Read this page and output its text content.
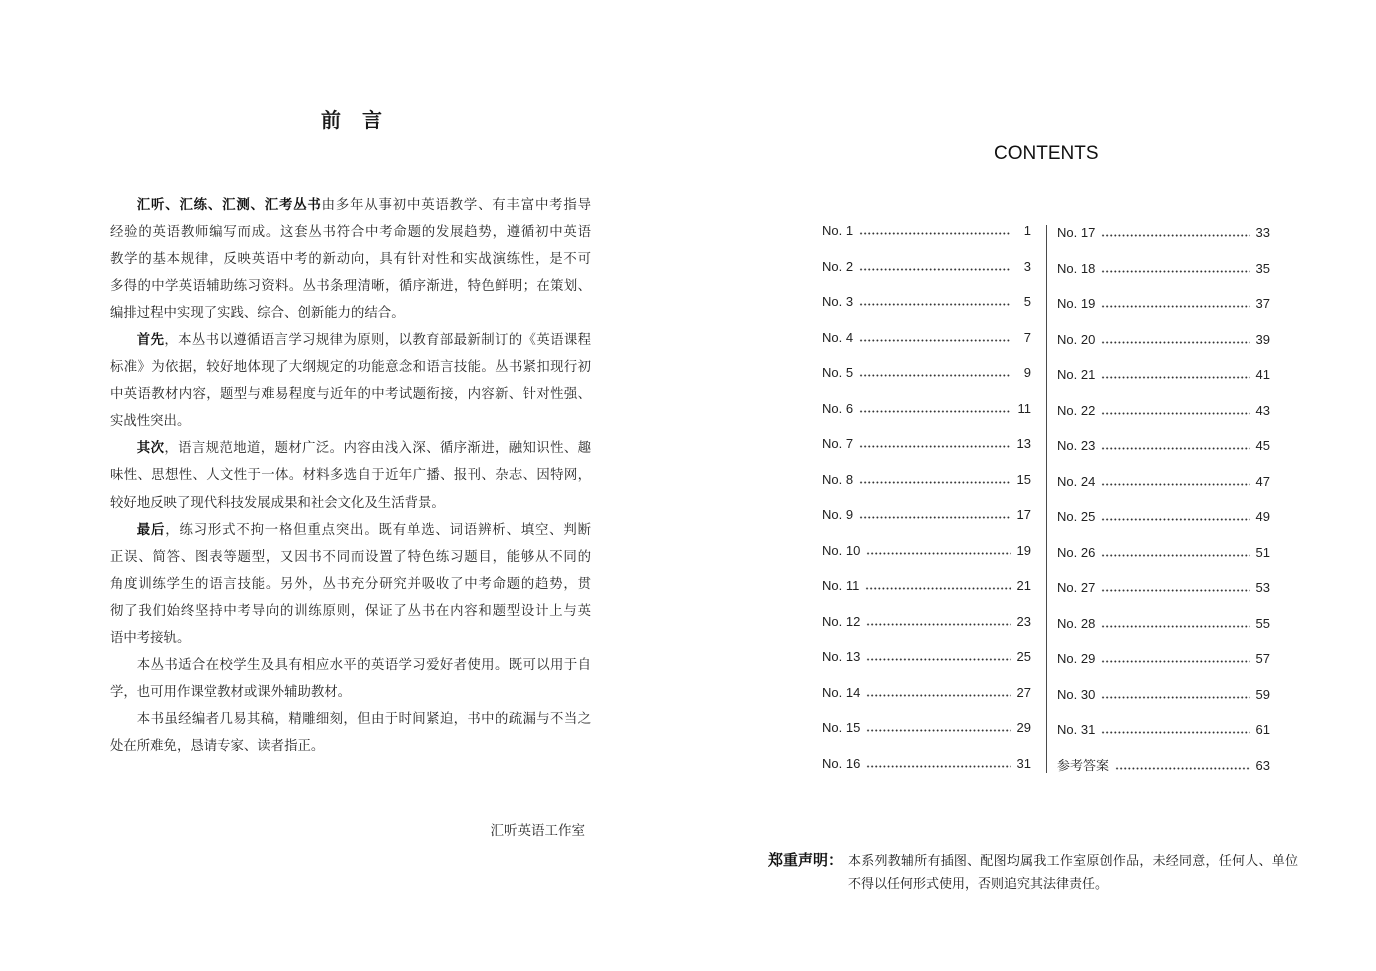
前 言
汇听、汇练、汇测、汇考丛书由多年从事初中英语教学、有丰富中考指导
经验的英语教师编写而成。这套丛书符合中考命题的发展趋势，遵循初中英语
教学的基本规律，反映英语中考的新动向，具有针对性和实战演练性，是不可
多得的中学英语辅助练习资料。丛书条理清晰，循序渐进，特色鲜明；在策划、
编排过程中实现了实践、综合、创新能力的结合。
首先，本丛书以遵循语言学习规律为原则，以教育部最新制订的《英语课程
标准》为依据，较好地体现了大纲规定的功能意念和语言技能。丛书紧扣现行初
中英语教材内容，题型与难易程度与近年的中考试题衔接，内容新、针对性强、
实战性突出。
其次，语言规范地道，题材广泛。内容由浅入深、循序渐进，融知识性、趣
味性、思想性、人文性于一体。材料多选自于近年广播、报刊、杂志、因特网，
较好地反映了现代科技发展成果和社会文化及生活背景。
最后，练习形式不拘一格但重点突出。既有单选、词语辨析、填空、判断
正误、简答、图表等题型，又因书不同而设置了特色练习题目，能够从不同的
角度训练学生的语言技能。另外，丛书充分研究并吸收了中考命题的趋势，贯
彻了我们始终坚持中考导向的训练原则，保证了丛书在内容和题型设计上与英
语中考接轨。
本丛书适合在校学生及具有相应水平的英语学习爱好者使用。既可以用于自
学，也可用作课堂教材或课外辅助教材。
本书虽经编者几易其稿，精雕细刻，但由于时间紧迫，书中的疏漏与不当之
处在所难免，恳请专家、读者指正。
汇听英语工作室
CONTENTS
No. 1	1
No. 2	3
No. 3	5
No. 4	7
No. 5	9
No. 6	11
No. 7	13
No. 8	15
No. 9	17
No. 10	19
No. 11	21
No. 12	23
No. 13	25
No. 14	27
No. 15	29
No. 16	31
No. 17	33
No. 18	35
No. 19	37
No. 20	39
No. 21	41
No. 22	43
No. 23	45
No. 24	47
No. 25	49
No. 26	51
No. 27	53
No. 28	55
No. 29	57
No. 30	59
No. 31	61
参考答案	63
郑重声明： 本系列教辅所有插图、配图均属我工作室原创作品，未经同意，任何人、单位
不得以任何形式使用，否则追究其法律责任。
